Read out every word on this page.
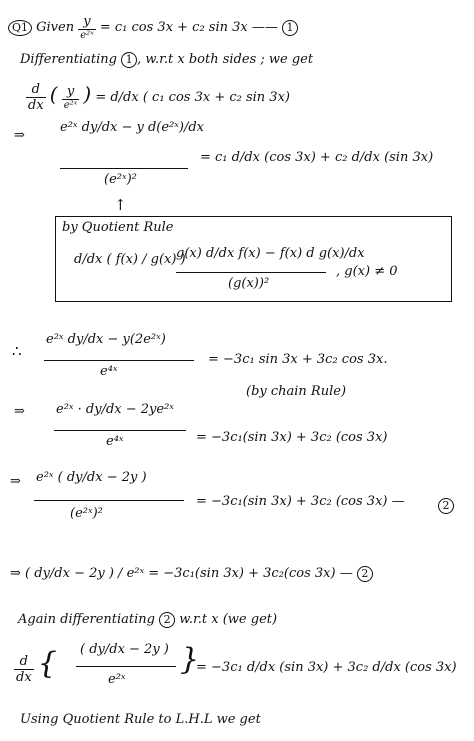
Q1 Given $\frac{y}{\text{e²ˣ}} = c_1$ cos 3x + c₂ sin 3x —— 1
Differentiating 1 , w.r.t x both sides ; we get
$\frac{d}{dx}$ ( $\frac{y}{\text{e²ˣ}}$ ) = d/dx ( c₁ cos 3x + c₂ sin 3x)
⇒
e²ˣ dy/dx − y d(e²ˣ)/dx
(e²ˣ)²
= c₁ d/dx (cos 3x) + c₂ d/dx (sin 3x)
↑
by Quotient Rule
d/dx ( f(x) / g(x) )
g(x) d/dx f(x) − f(x) d g(x)/dx
(g(x))²
, g(x) ≠ 0
∴
e²ˣ dy/dx − y(2e²ˣ)
e⁴ˣ
= −3c₁ sin 3x + 3c₂ cos 3x.
(by chain Rule)
⇒ e²ˣ · dy/dx − 2ye²ˣ
e⁴ˣ	= −3c₁(sin 3x) + 3c₂ (cos 3x)
⇒ e²ˣ ( dy/dx − 2y )
(e²ˣ)²
= −3c₁(sin 3x) + 3c₂ (cos 3x) —	2
⇒ ( dy/dx − 2y ) / e²ˣ = −3c₁(sin 3x) + 3c₂(cos 3x) — 2
Again differentiating 2 w.r.t x (we get)
$\frac{d}{dx}$ { ( dy/dx − 2y )
e²ˣ
}
= −3c₁ d/dx (sin 3x) + 3c₂ d/dx (cos 3x)
Using Quotient Rule to L.H.L we get
